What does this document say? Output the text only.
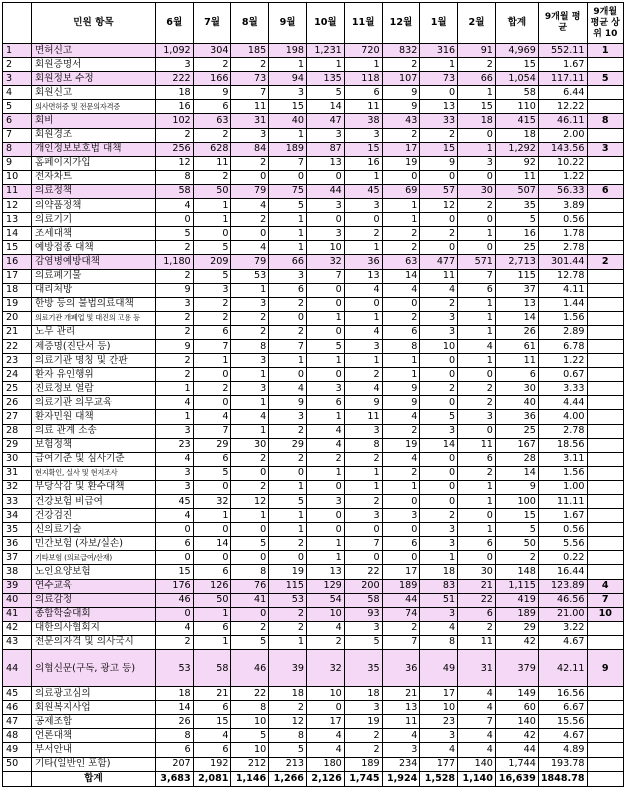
	민원 항목	6월	7월	8월	9월	10월	11월	12월	1월	2월	합계	9개월 평균	9개월 평균 상위 10
1	면허신고	1,092	304	185	198	1,231	720	832	316	91	4,969	552.11	1
2	회원증명서	3	2	2	1	1	1	2	1	2	15	1.67	
3	회원정보 수정	222	166	73	94	135	118	107	73	66	1,054	117.11	5
4	회원신고	18	9	7	3	5	6	9	0	1	58	6.44	
5	의사면허증 및 전문의자격증	16	6	11	15	14	11	9	13	15	110	12.22	
6	회비	102	63	31	40	47	38	43	33	18	415	46.11	8
7	회원경조	2	2	3	1	3	3	2	2	0	18	2.00	
8	개인정보보호법 대책	256	628	84	189	87	15	17	15	1	1,292	143.56	3
9	홈페이지가입	12	11	2	7	13	16	19	9	3	92	10.22	
10	전자차트	8	2	0	0	0	1	0	0	0	11	1.22	
11	의료정책	58	50	79	75	44	45	69	57	30	507	56.33	6
12	의약품정책	4	1	4	5	3	3	1	12	2	35	3.89	
13	의료기기	0	1	2	1	0	0	1	0	0	5	0.56	
14	조세대책	5	0	0	1	3	2	2	2	1	16	1.78	
15	예방접종 대책	2	5	4	1	10	1	2	0	0	25	2.78	
16	감염병예방대책	1,180	209	79	66	32	36	63	477	571	2,713	301.44	2
17	의료폐기물	2	5	53	3	7	13	14	11	7	115	12.78	
18	대리처방	9	3	1	6	0	4	4	4	6	37	4.11	
19	한방 등의 불법의료대책	3	2	3	2	0	0	0	2	1	13	1.44	
20	의료기관 개폐업 및 대진의 고용 등	2	2	2	0	1	1	2	3	1	14	1.56	
21	노무 관리	2	6	2	2	0	4	6	3	1	26	2.89	
22	제증명(진단서 등)	9	7	8	7	5	3	8	10	4	61	6.78	
23	의료기관 명칭 및 간판	2	1	3	1	1	1	1	0	1	11	1.22	
24	환자 유인행위	2	0	1	0	0	2	1	0	0	6	0.67	
25	진료정보 열람	1	2	3	4	3	4	9	2	2	30	3.33	
26	의료기관 의무교육	4	0	1	9	6	9	9	0	2	40	4.44	
27	환자민원 대책	1	4	4	3	1	11	4	5	3	36	4.00	
28	의료 관계 소송	3	7	1	2	4	3	2	3	0	25	2.78	
29	보험정책	23	29	30	29	4	8	19	14	11	167	18.56	
30	급여기준 및 심사기준	4	6	2	2	2	2	4	0	6	28	3.11	
31	현지확인, 실사 및 현지조사	3	5	0	0	1	1	2	0	2	14	1.56	
32	부당삭감 및 환수대책	3	0	2	1	0	1	1	0	1	9	1.00	
33	건강보험 비급여	45	32	12	5	3	2	0	0	1	100	11.11	
34	건강검진	4	1	1	1	0	3	3	2	0	15	1.67	
35	신의료기술	0	0	0	1	0	0	0	3	1	5	0.56	
36	민간보험 (자보/실손)	6	14	5	2	1	7	6	3	6	50	5.56	
37	기타보험 (의료급여/산재)	0	0	0	0	1	0	0	1	0	2	0.22	
38	노인요양보험	15	6	8	19	13	22	17	18	30	148	16.44	
39	연수교육	176	126	76	115	129	200	189	83	21	1,115	123.89	4
40	의료감정	46	50	41	53	54	58	44	51	22	419	46.56	7
41	종합학술대회	0	1	0	2	10	93	74	3	6	189	21.00	10
42	대한의사협회지	4	6	2	2	4	3	2	4	2	29	3.22	
43	전문의자격 및 의사국시	2	1	5	1	2	5	7	8	11	42	4.67	
44	의협신문(구독, 광고 등)	53	58	46	39	32	35	36	49	31	379	42.11	9
45	의료광고심의	18	21	22	18	10	18	21	17	4	149	16.56	
46	회원복지사업	14	6	8	2	0	3	13	10	4	60	6.67	
47	공제조합	26	15	10	12	17	19	11	23	7	140	15.56	
48	언론대책	8	4	5	8	4	2	4	3	4	42	4.67	
49	부서안내	6	6	10	5	4	2	3	4	4	44	4.89	
50	기타(일반인 포함)	207	192	212	213	180	189	234	177	140	1,744	193.78	
	합계	3,683	2,081	1,146	1,266	2,126	1,745	1,924	1,528	1,140	16,639	1848.78	
